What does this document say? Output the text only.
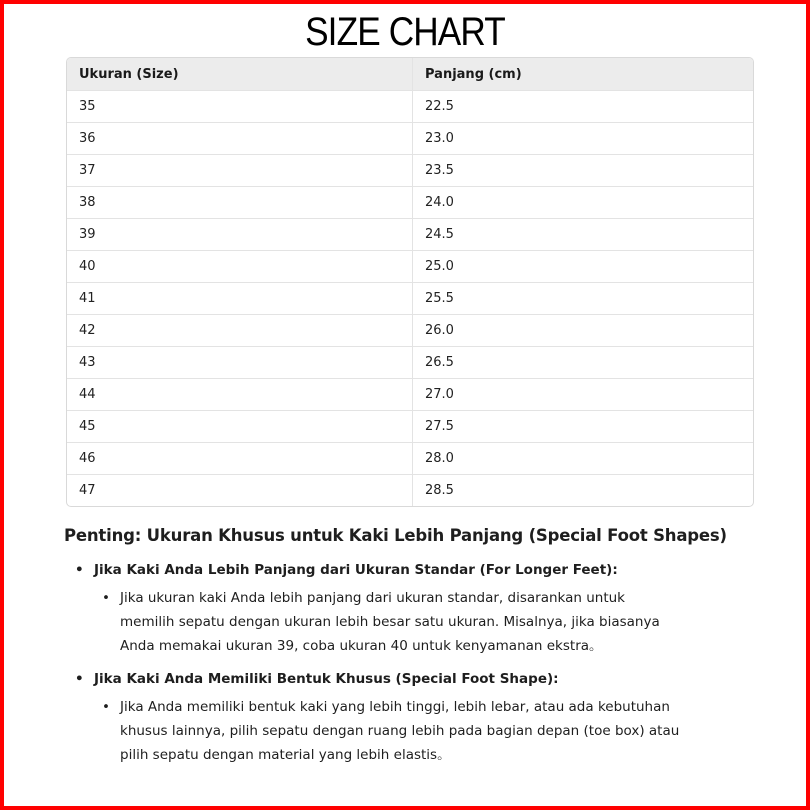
SIZE CHART
Ukuran (Size)	Panjang (cm)
35	22.5
36	23.0
37	23.5
38	24.0
39	24.5
40	25.0
41	25.5
42	26.0
43	26.5
44	27.0
45	27.5
46	28.0
47	28.5
Penting: Ukuran Khusus untuk Kaki Lebih Panjang (Special Foot Shapes)
• Jika Kaki Anda Lebih Panjang dari Ukuran Standar (For Longer Feet):
• Jika ukuran kaki Anda lebih panjang dari ukuran standar, disarankan untuk memilih sepatu dengan ukuran lebih besar satu ukuran. Misalnya, jika biasanya Anda memakai ukuran 39, coba ukuran 40 untuk kenyamanan ekstra。
• Jika Kaki Anda Memiliki Bentuk Khusus (Special Foot Shape):
• Jika Anda memiliki bentuk kaki yang lebih tinggi, lebih lebar, atau ada kebutuhan khusus lainnya, pilih sepatu dengan ruang lebih pada bagian depan (toe box) atau pilih sepatu dengan material yang lebih elastis。
